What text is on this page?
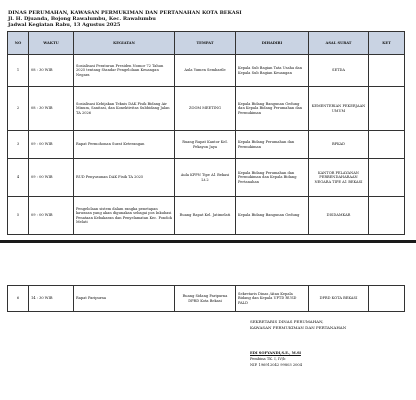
DINAS PERUMAHAN, KAWASAN PERMUKIMAN DAN PERTANAHAN KOTA BEKASI
Jl. H. Djuanda, Bojong Rawalumbu, Kec. Rawalumbu
Jadwal Kegiatan Rabu, 13 Agustus 2025
NO	WAKTU	KEGIATAN	TEMPAT	DIHADIRI	ASAL SURAT	KET
1	08 : 30 WIB	Sosialisasi Peraturan Presiden Nomor 72 Tahun 2025 tentang Standar Pengelolaan Keuangan Negara	Aula Yumen Sembarile	Kepala Sub Bagian Tata Usaha dan Kepala Sub Bagian Keuangan	SETDA	
2	08 : 30 WIB	Sosialisasi Kebijakan Teknis DAK Fisik Bidang Air Minum, Sanitasi, dan Konektivitas Subbidang Jalan TA 2026	ZOOM MEETING	Kepala Bidang Bangunan Gedung dan Kepala Bidang Perumahan dan Permukiman	KEMENTERIAN PEKERJAAN UMUM	
3	09 : 00 WIB	Rapat Permohonan Surat Keterangan	Ruang Rapat Kantor Kel. Pekayon Jaya	Kepala Bidang Perumahan dan Permukiman	BPKAD	
4	09 : 00 WIB	RUD Penyusunan DAK Fisik TA 2025	Aula KPPN Tipe A1 Bekasi Lt.2	Kepala Bidang Perumahan dan Permukiman dan Kepala Bidang Pertanahan	KANTOR PELAYANAN PERBENDAHARAAN NEGARA TIPE A1 BEKASI	
5	09 : 00 WIB	Pengelolaan sistem dalam rangka penetapan kawasan yang akan digunakan sebagai pos Inkubasi Penataan Kebakaran dan Penyelamatan Kec. Pondok Melati	Ruang Rapat Kel. Jatimelati	Kepala Bidang Bangunan Gedung	DISDAMKAR	
6	14 : 30 WIB	Rapat Paripurna	Ruang Sidang Paripurna DPRD Kota Bekasi	Sekretaris Dinas /Atau Kepala Bidang dan Kepala UPTD RUSD PALD	DPRD KOTA BEKASI	
SEKRETARIS DINAS PERUMAHAN,
KAWASAN PERMUKIMAN DAN PERTANAHAN
EDI SOFYANDI,S.E., M.Si
Pembina TK. I, IV/b
NIP. 196912042 99803 2004
